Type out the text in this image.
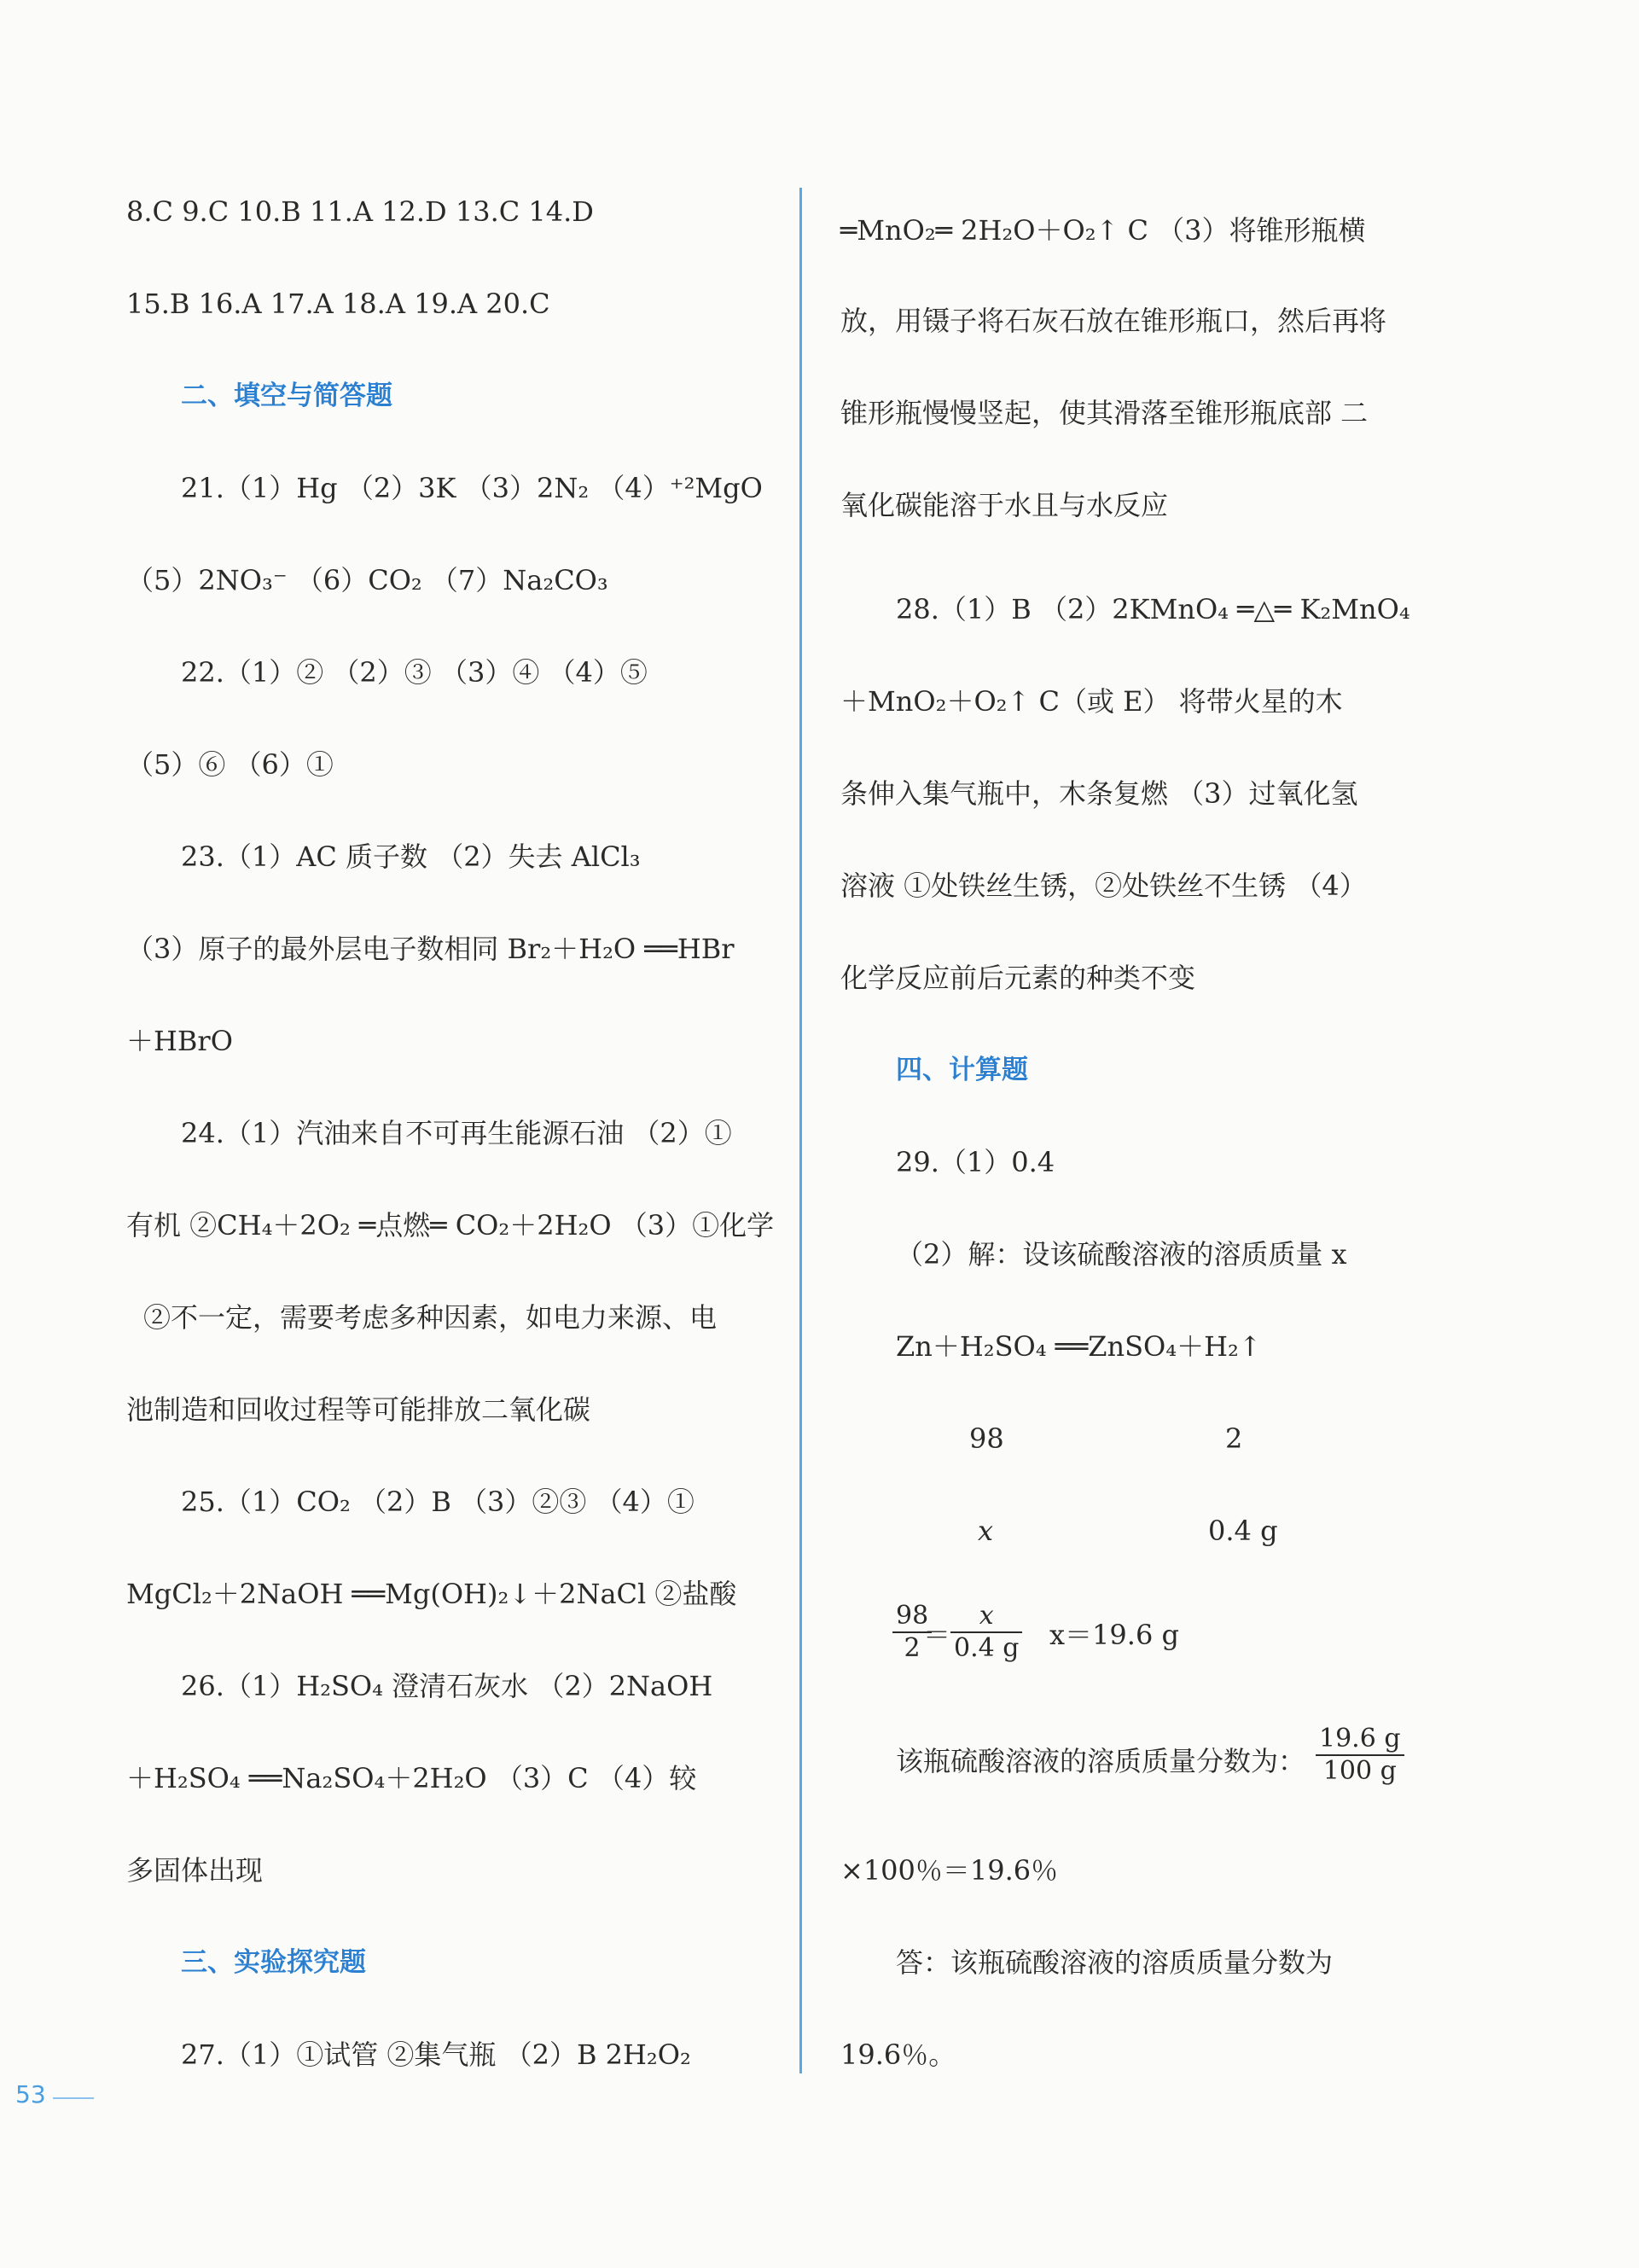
8.C 9.C 10.B 11.A 12.D 13.C 14.D
15.B 16.A 17.A 18.A 19.A 20.C
二、填空与简答题
21.（1）Hg （2）3K （3）2N₂ （4）⁺²MgO
（5）2NO₃⁻ （6）CO₂ （7）Na₂CO₃
22.（1）② （2）③ （3）④ （4）⑤
（5）⑥ （6）①
23.（1）AC 质子数 （2）失去 AlCl₃
（3）原子的最外层电子数相同 Br₂＋H₂O ══HBr
＋HBrO
24.（1）汽油来自不可再生能源石油 （2）①
有机 ②CH₄＋2O₂ ═点燃═ CO₂＋2H₂O （3）①化学
②不一定，需要考虑多种因素，如电力来源、电
池制造和回收过程等可能排放二氧化碳
25.（1）CO₂ （2）B （3）②③ （4）①
MgCl₂＋2NaOH ══Mg(OH)₂↓＋2NaCl ②盐酸
26.（1）H₂SO₄ 澄清石灰水 （2）2NaOH
＋H₂SO₄ ══Na₂SO₄＋2H₂O （3）C （4）较
多固体出现
三、实验探究题
27.（1）①试管 ②集气瓶 （2）B 2H₂O₂
═MnO₂═ 2H₂O＋O₂↑ C （3）将锥形瓶横
放，用镊子将石灰石放在锥形瓶口，然后再将
锥形瓶慢慢竖起，使其滑落至锥形瓶底部 二
氧化碳能溶于水且与水反应
28.（1）B （2）2KMnO₄ ═△═ K₂MnO₄
＋MnO₂＋O₂↑ C（或 E） 将带火星的木
条伸入集气瓶中，木条复燃 （3）过氧化氢
溶液 ①处铁丝生锈，②处铁丝不生锈 （4）
化学反应前后元素的种类不变
四、计算题
29.（1）0.4
（2）解：设该硫酸溶液的溶质质量 x
Zn＋H₂SO₄ ══ZnSO₄＋H₂↑
98	2
x	0.4 g
$\frac{98}{2}$
＝ $\frac{x}{0.4 g} x=19.6$ g
该瓶硫酸溶液的溶质质量分数为： $\frac{19.6 g}{100 g}$
×100％＝19.6％
答：该瓶硫酸溶液的溶质质量分数为
19.6％。
53
